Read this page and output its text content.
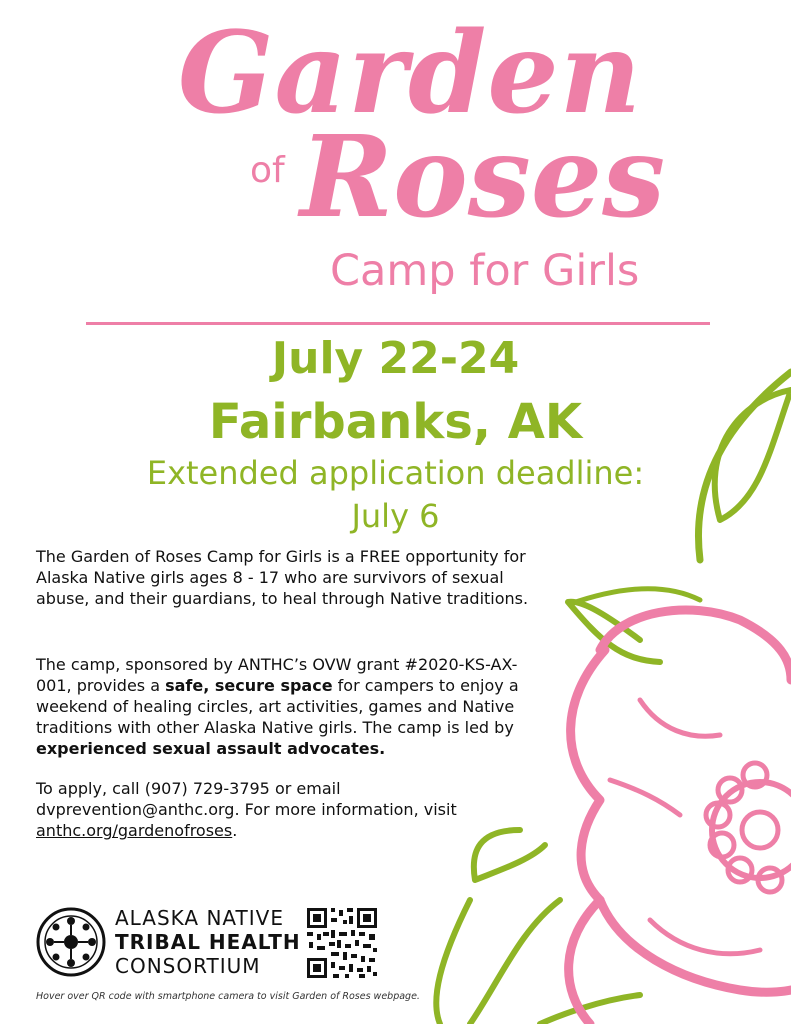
Garden
of Roses
Camp for Girls
July 22-24
Fairbanks, AK
Extended application deadline:
July 6
The Garden of Roses Camp for Girls is a FREE opportunity for Alaska Native girls ages 8 - 17 who are survivors of sexual abuse, and their guardians, to heal through Native traditions.
The camp, sponsored by ANTHC’s OVW grant #2020-KS-AX-001, provides a safe, secure space for campers to enjoy a weekend of healing circles, art activities, games and Native traditions with other Alaska Native girls. The camp is led by experienced sexual assault advocates.
To apply, call (907) 729-3795 or email dvprevention@anthc.org. For more information, visit anthc.org/gardenofroses.
ALASKA NATIVE
TRIBAL HEALTH
CONSORTIUM
Hover over QR code with smartphone camera to visit Garden of Roses webpage.
